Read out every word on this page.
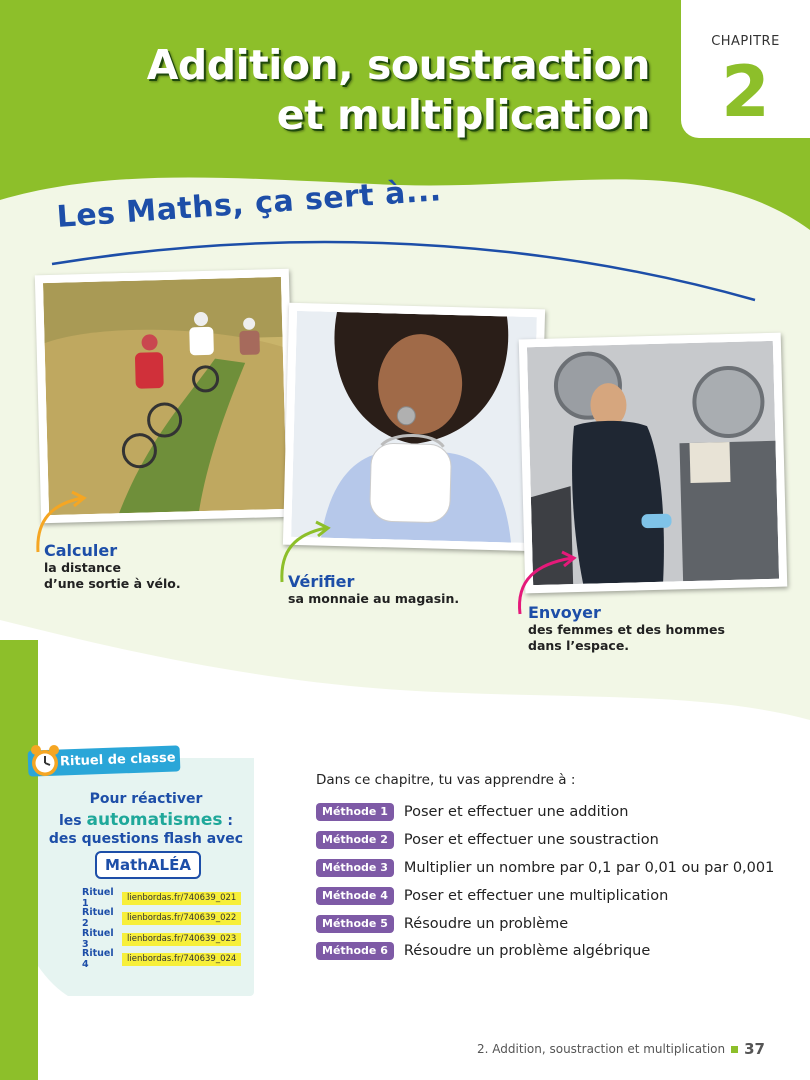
Addition, soustraction
et multiplication
CHAPITRE
2
Les Maths, ça sert à...
Calculer
la distance
d’une sortie à vélo.	Vérifier
sa monnaie au magasin.
Envoyer
des femmes et des hommes
dans l’espace.
Rituel de classe
Pour réactiver
les automatismes :
des questions flash avec
MathALÉA
Rituel 1
lienbordas.fr/740639_021
Rituel 2
lienbordas.fr/740639_022
Rituel 3
lienbordas.fr/740639_023
Rituel 4
lienbordas.fr/740639_024
Dans ce chapitre, tu vas apprendre à :
Méthode 1	Poser et effectuer une addition
Méthode 2	Poser et effectuer une soustraction
Méthode 3	Multiplier un nombre par 0,1 par 0,01 ou par 0,001
Méthode 4	Poser et effectuer une multiplication
Méthode 5	Résoudre un problème
Méthode 6	Résoudre un problème algébrique
2. Addition, soustraction et multiplication 37
